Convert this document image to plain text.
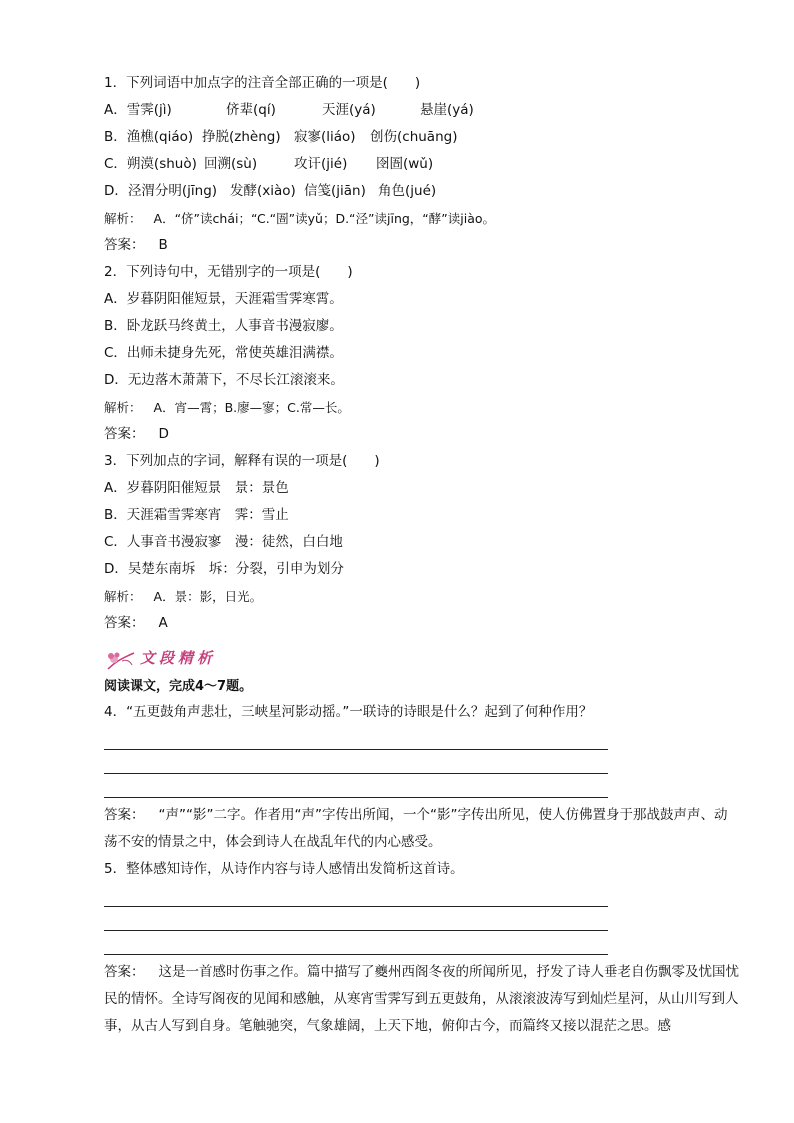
1．下列词语中加点字的注音全部正确的一项是(　　)
A．雪霁(jì)	侪辈(qí)	天涯(yá)	悬崖(yá)
B．渔樵(qiáo) 挣脱(zhèng) 寂寥(liáo) 创伤(chuāng)
C．朔漠(shuò) 回溯(sù)	攻讦(jié) 囹圄(wǔ)
D．泾渭分明(jīng) 发酵(xiào) 信笺(jiān) 角色(jué)
解析： A．“侪”读chái；“C.“圄”读yǔ；D.“泾”读jīng，“酵”读jiào。
答案： B
2．下列诗句中，无错别字的一项是(　　)
A．岁暮阴阳催短景，天涯霜雪霁寒霄。
B．卧龙跃马终黄土，人事音书漫寂廖。
C．出师未捷身先死，常使英雄泪满襟。
D．无边落木萧萧下，不尽长江滚滚来。
解析： A．宵—霄；B.廖—寥；C.常—长。
答案： D
3．下列加点的字词，解释有误的一项是(　　)
A．岁暮阴阳催短景　景：景色
B．天涯霜雪霁寒宵　霁：雪止
C．人事音书漫寂寥　漫：徒然，白白地
D．吴楚东南坼　坼：分裂，引申为划分
解析： A．景：影，日光。
答案： A
文段精析
阅读课文，完成4～7题。
4．“五更鼓角声悲壮，三峡星河影动摇。”一联诗的诗眼是什么？起到了何种作用？
答案： “声”“影”二字。作者用“声”字传出所闻，一个“影”字传出所见，使人仿佛置身于那战鼓声声、动荡不安的情景之中，体会到诗人在战乱年代的内心感受。
5．整体感知诗作，从诗作内容与诗人感情出发简析这首诗。
答案： 这是一首感时伤事之作。篇中描写了夔州西阁冬夜的所闻所见，抒发了诗人垂老自伤飘零及忧国忧民的情怀。全诗写阁夜的见闻和感触，从寒宵雪霁写到五更鼓角，从滚滚波涛写到灿烂星河，从山川写到人事，从古人写到自身。笔触驰突，气象雄阔，上天下地，俯仰古今，而篇终又接以混茫之思。感
